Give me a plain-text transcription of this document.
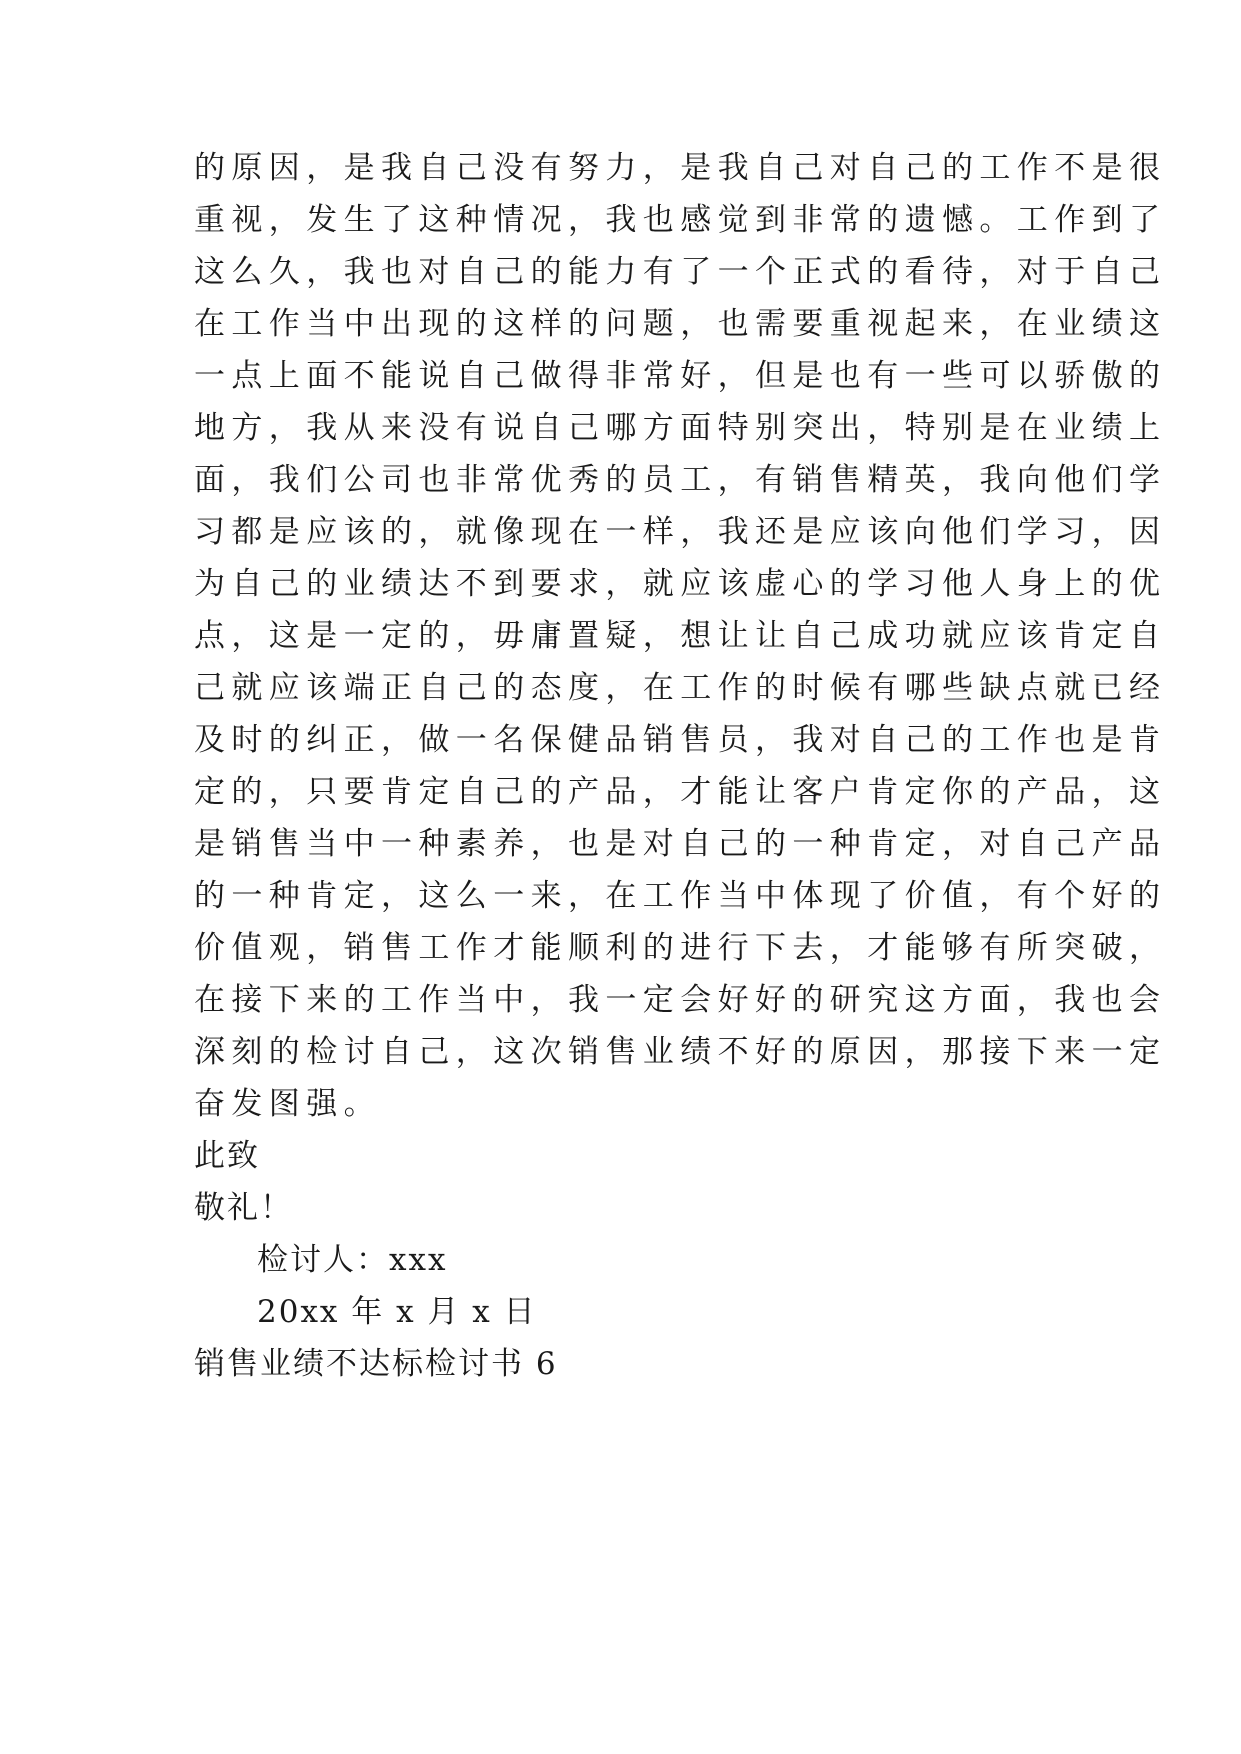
的原因，是我自己没有努力，是我自己对自己的工作不是很
重视，发生了这种情况，我也感觉到非常的遗憾。工作到了
这么久，我也对自己的能力有了一个正式的看待，对于自己
在工作当中出现的这样的问题，也需要重视起来，在业绩这
一点上面不能说自己做得非常好，但是也有一些可以骄傲的
地方，我从来没有说自己哪方面特别突出，特别是在业绩上
面，我们公司也非常优秀的员工，有销售精英，我向他们学
习都是应该的，就像现在一样，我还是应该向他们学习，因
为自己的业绩达不到要求，就应该虚心的学习他人身上的优
点，这是一定的，毋庸置疑，想让让自己成功就应该肯定自
己就应该端正自己的态度，在工作的时候有哪些缺点就已经
及时的纠正，做一名保健品销售员，我对自己的工作也是肯
定的，只要肯定自己的产品，才能让客户肯定你的产品，这
是销售当中一种素养，也是对自己的一种肯定，对自己产品
的一种肯定，这么一来，在工作当中体现了价值，有个好的
价值观，销售工作才能顺利的进行下去，才能够有所突破，
在接下来的工作当中，我一定会好好的研究这方面，我也会
深刻的检讨自己，这次销售业绩不好的原因，那接下来一定
奋发图强。
此致
敬礼！
检讨人：xxx
20xx 年 x 月 x 日
销售业绩不达标检讨书 6
